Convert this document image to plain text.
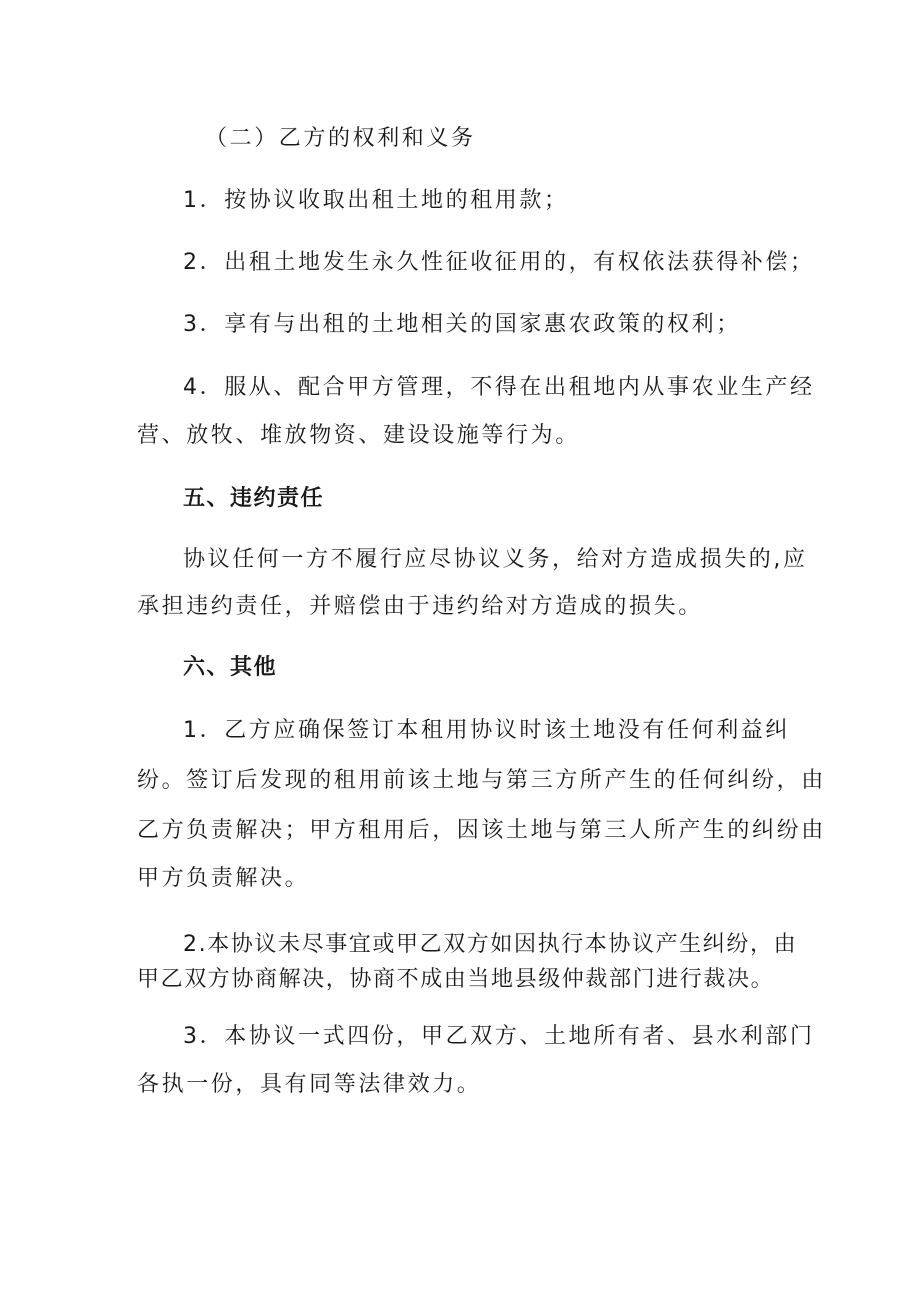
（二）乙方的权利和义务
1．按协议收取出租土地的租用款；
2．出租土地发生永久性征收征用的，有权依法获得补偿；
3．享有与出租的土地相关的国家惠农政策的权利；
4．服从、配合甲方管理，不得在出租地内从事农业生产经
营、放牧、堆放物资、建设设施等行为。
五、违约责任
协议任何一方不履行应尽协议义务，给对方造成损失的,应
承担违约责任，并赔偿由于违约给对方造成的损失。
六、其他
1．乙方应确保签订本租用协议时该土地没有任何利益纠
纷。签订后发现的租用前该土地与第三方所产生的任何纠纷，由
乙方负责解决；甲方租用后，因该土地与第三人所产生的纠纷由
甲方负责解决。
2.本协议未尽事宜或甲乙双方如因执行本协议产生纠纷，由
甲乙双方协商解决，协商不成由当地县级仲裁部门进行裁决。
3．本协议一式四份，甲乙双方、土地所有者、县水利部门
各执一份，具有同等法律效力。
